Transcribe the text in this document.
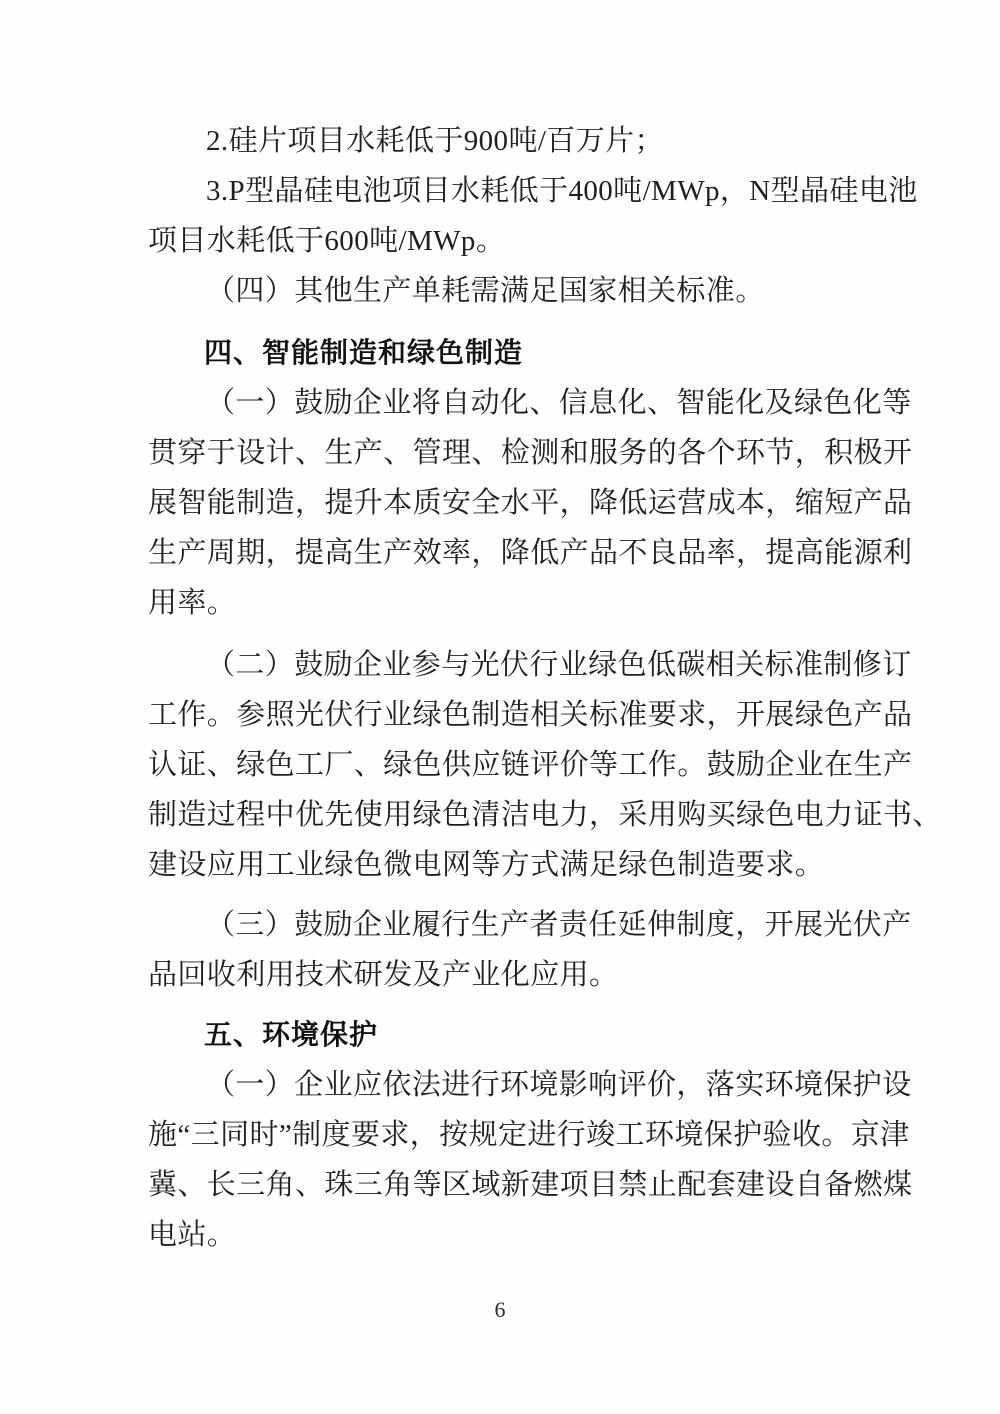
2.硅片项目水耗低于900吨/百万片；
3.P型晶硅电池项目水耗低于400吨/MWp，N型晶硅电池
项目水耗低于600吨/MWp。
（四）其他生产单耗需满足国家相关标准。
四、智能制造和绿色制造
（一）鼓励企业将自动化、信息化、智能化及绿色化等
贯穿于设计、生产、管理、检测和服务的各个环节，积极开
展智能制造，提升本质安全水平，降低运营成本，缩短产品
生产周期，提高生产效率，降低产品不良品率，提高能源利
用率。
（二）鼓励企业参与光伏行业绿色低碳相关标准制修订
工作。参照光伏行业绿色制造相关标准要求，开展绿色产品
认证、绿色工厂、绿色供应链评价等工作。鼓励企业在生产
制造过程中优先使用绿色清洁电力，采用购买绿色电力证书、
建设应用工业绿色微电网等方式满足绿色制造要求。
（三）鼓励企业履行生产者责任延伸制度，开展光伏产
品回收利用技术研发及产业化应用。
五、环境保护
（一）企业应依法进行环境影响评价，落实环境保护设
施“三同时”制度要求，按规定进行竣工环境保护验收。京津
冀、长三角、珠三角等区域新建项目禁止配套建设自备燃煤
电站。
6
